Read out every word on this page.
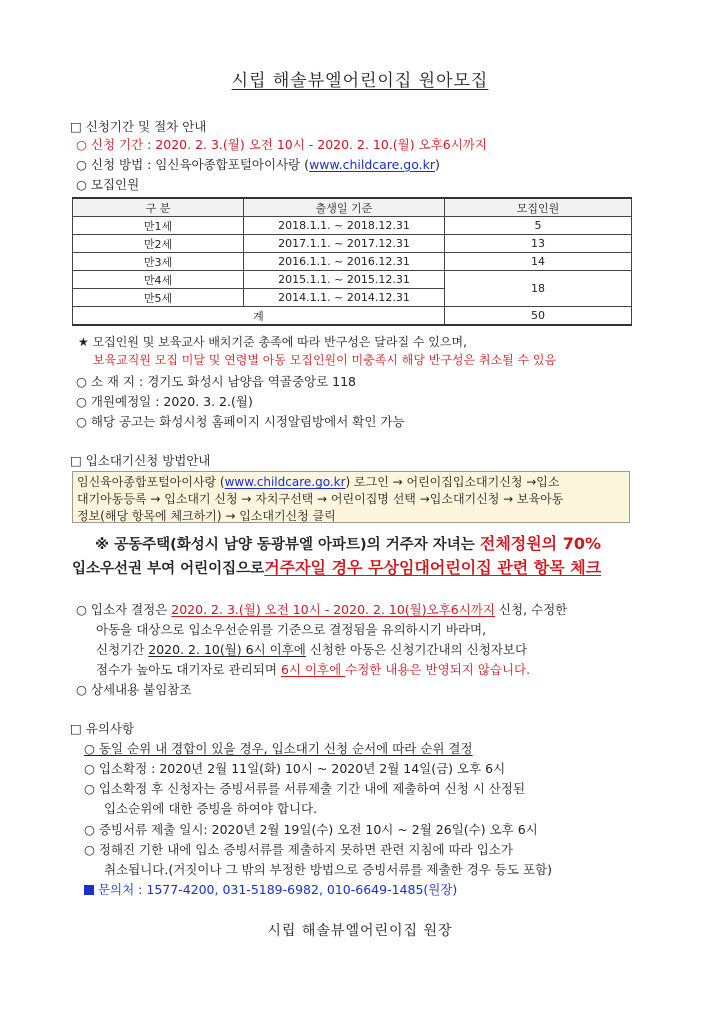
시립 해솔뷰엘어린이집 원아모집
□ 신청기간 및 절차 안내
○ 신청 기간 : 2020. 2. 3.(월) 오전 10시 - 2020. 2. 10.(월) 오후6시까지
○ 신청 방법 : 임신육아종합포털아이사랑 (www.childcare.go.kr)
○ 모집인원
구 분	출생일 기준	모집인원
만1세	2018.1.1. ~ 2018.12.31	5
만2세	2017.1.1. ~ 2017.12.31	13
만3세	2016.1.1. ~ 2016.12.31	14
만4세	2015.1.1. ~ 2015.12.31	18
만5세	2014.1.1. ~ 2014.12.31	
계		50
★ 모집인원 및 보육교사 배치기준 총족에 따라 반구성은 달라질 수 있으며,
보육교직원 모집 미달 및 연령별 아동 모집인원이 미충족시 해당 반구성은 취소될 수 있음
○ 소 재 지 : 경기도 화성시 남양읍 역골중앙로 118
○ 개원예정일 : 2020. 3. 2.(월)
○ 해당 공고는 화성시청 홈페이지 시정알림방에서 확인 가능
□ 입소대기신청 방법안내
임신육아종합포털아이사랑 (www.childcare.go.kr) 로그인 → 어린이집입소대기신청 →입소
대기아동등록 → 입소대기 신청 → 자치구선택 → 어린이집명 선택 →입소대기신청 → 보육아동
정보(해당 항목에 체크하기) → 입소대기신청 클릭
※ 공동주택(화성시 남양 동광뷰엘 아파트)의 거주자 자녀는 전체정원의 70%
입소우선권 부여 어린이집으로거주자일 경우 무상임대어린이집 관련 항목 체크
○ 입소자 결정은 2020. 2. 3.(월) 오전 10시 - 2020. 2. 10(월)오후6시까지 신청, 수정한
아동을 대상으로 입소우선순위를 기준으로 결정됨을 유의하시기 바라며,
신청기간 2020. 2. 10(월) 6시 이후에 신청한 아동은 신청기간내의 신청자보다
점수가 높아도 대기자로 관리되며 6시 이후에 수정한 내용은 반영되지 않습니다.
○ 상세내용 붙임참조
□ 유의사항
○ 동일 순위 내 경합이 있을 경우, 입소대기 신청 순서에 따라 순위 결정
○ 입소확정 : 2020년 2월 11일(화) 10시 ~ 2020년 2월 14일(금) 오후 6시
○ 입소확정 후 신청자는 증빙서류를 서류제출 기간 내에 제출하여 신청 시 산정된
입소순위에 대한 증빙을 하여야 합니다.
○ 증빙서류 제출 일시: 2020년 2월 19일(수) 오전 10시 ~ 2월 26일(수) 오후 6시
○ 정해진 기한 내에 입소 증빙서류를 제출하지 못하면 관련 지침에 따라 입소가
취소됩니다.(거짓이나 그 밖의 부정한 방법으로 증빙서류를 제출한 경우 등도 포함)
문의처 : 1577-4200, 031-5189-6982, 010-6649-1485(원장)
시립 해솔뷰엘어린이집 원장
